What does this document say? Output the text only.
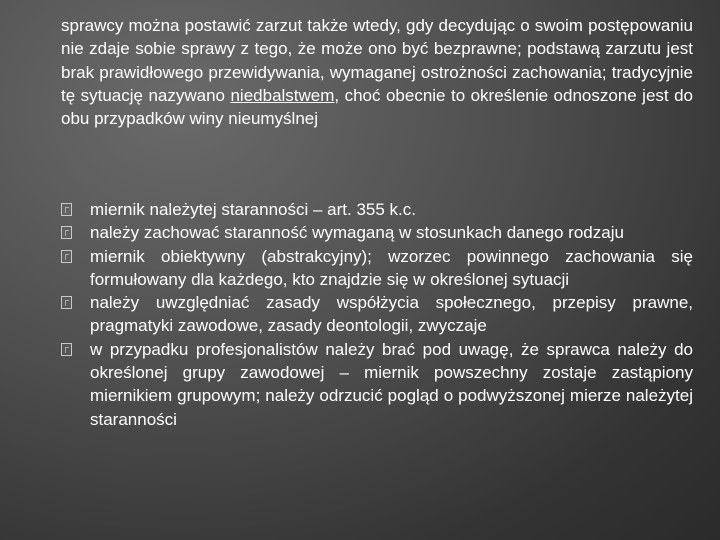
sprawcy można postawić zarzut także wtedy, gdy decydując o swoim postępowaniu nie zdaje sobie sprawy z tego, że może ono być bezprawne; podstawą zarzutu jest brak prawidłowego przewidywania, wymaganej ostrożności zachowania; tradycyjnie tę sytuację nazywano niedbalstwem, choć obecnie to określenie odnoszone jest do obu przypadków winy nieumyślnej

miernik należytej staranności – art. 355 k.c.
należy zachować staranność wymaganą w stosunkach danego rodzaju
miernik obiektywny (abstrakcyjny); wzorzec powinnego zachowania się formułowany dla każdego, kto znajdzie się w określonej sytuacji
należy uwzględniać zasady współżycia społecznego, przepisy prawne, pragmatyki zawodowe, zasady deontologii, zwyczaje
w przypadku profesjonalistów należy brać pod uwagę, że sprawca należy do określonej grupy zawodowej – miernik powszechny zostaje zastąpiony miernikiem grupowym; należy odrzucić pogląd o podwyższonej mierze należytej staranności
